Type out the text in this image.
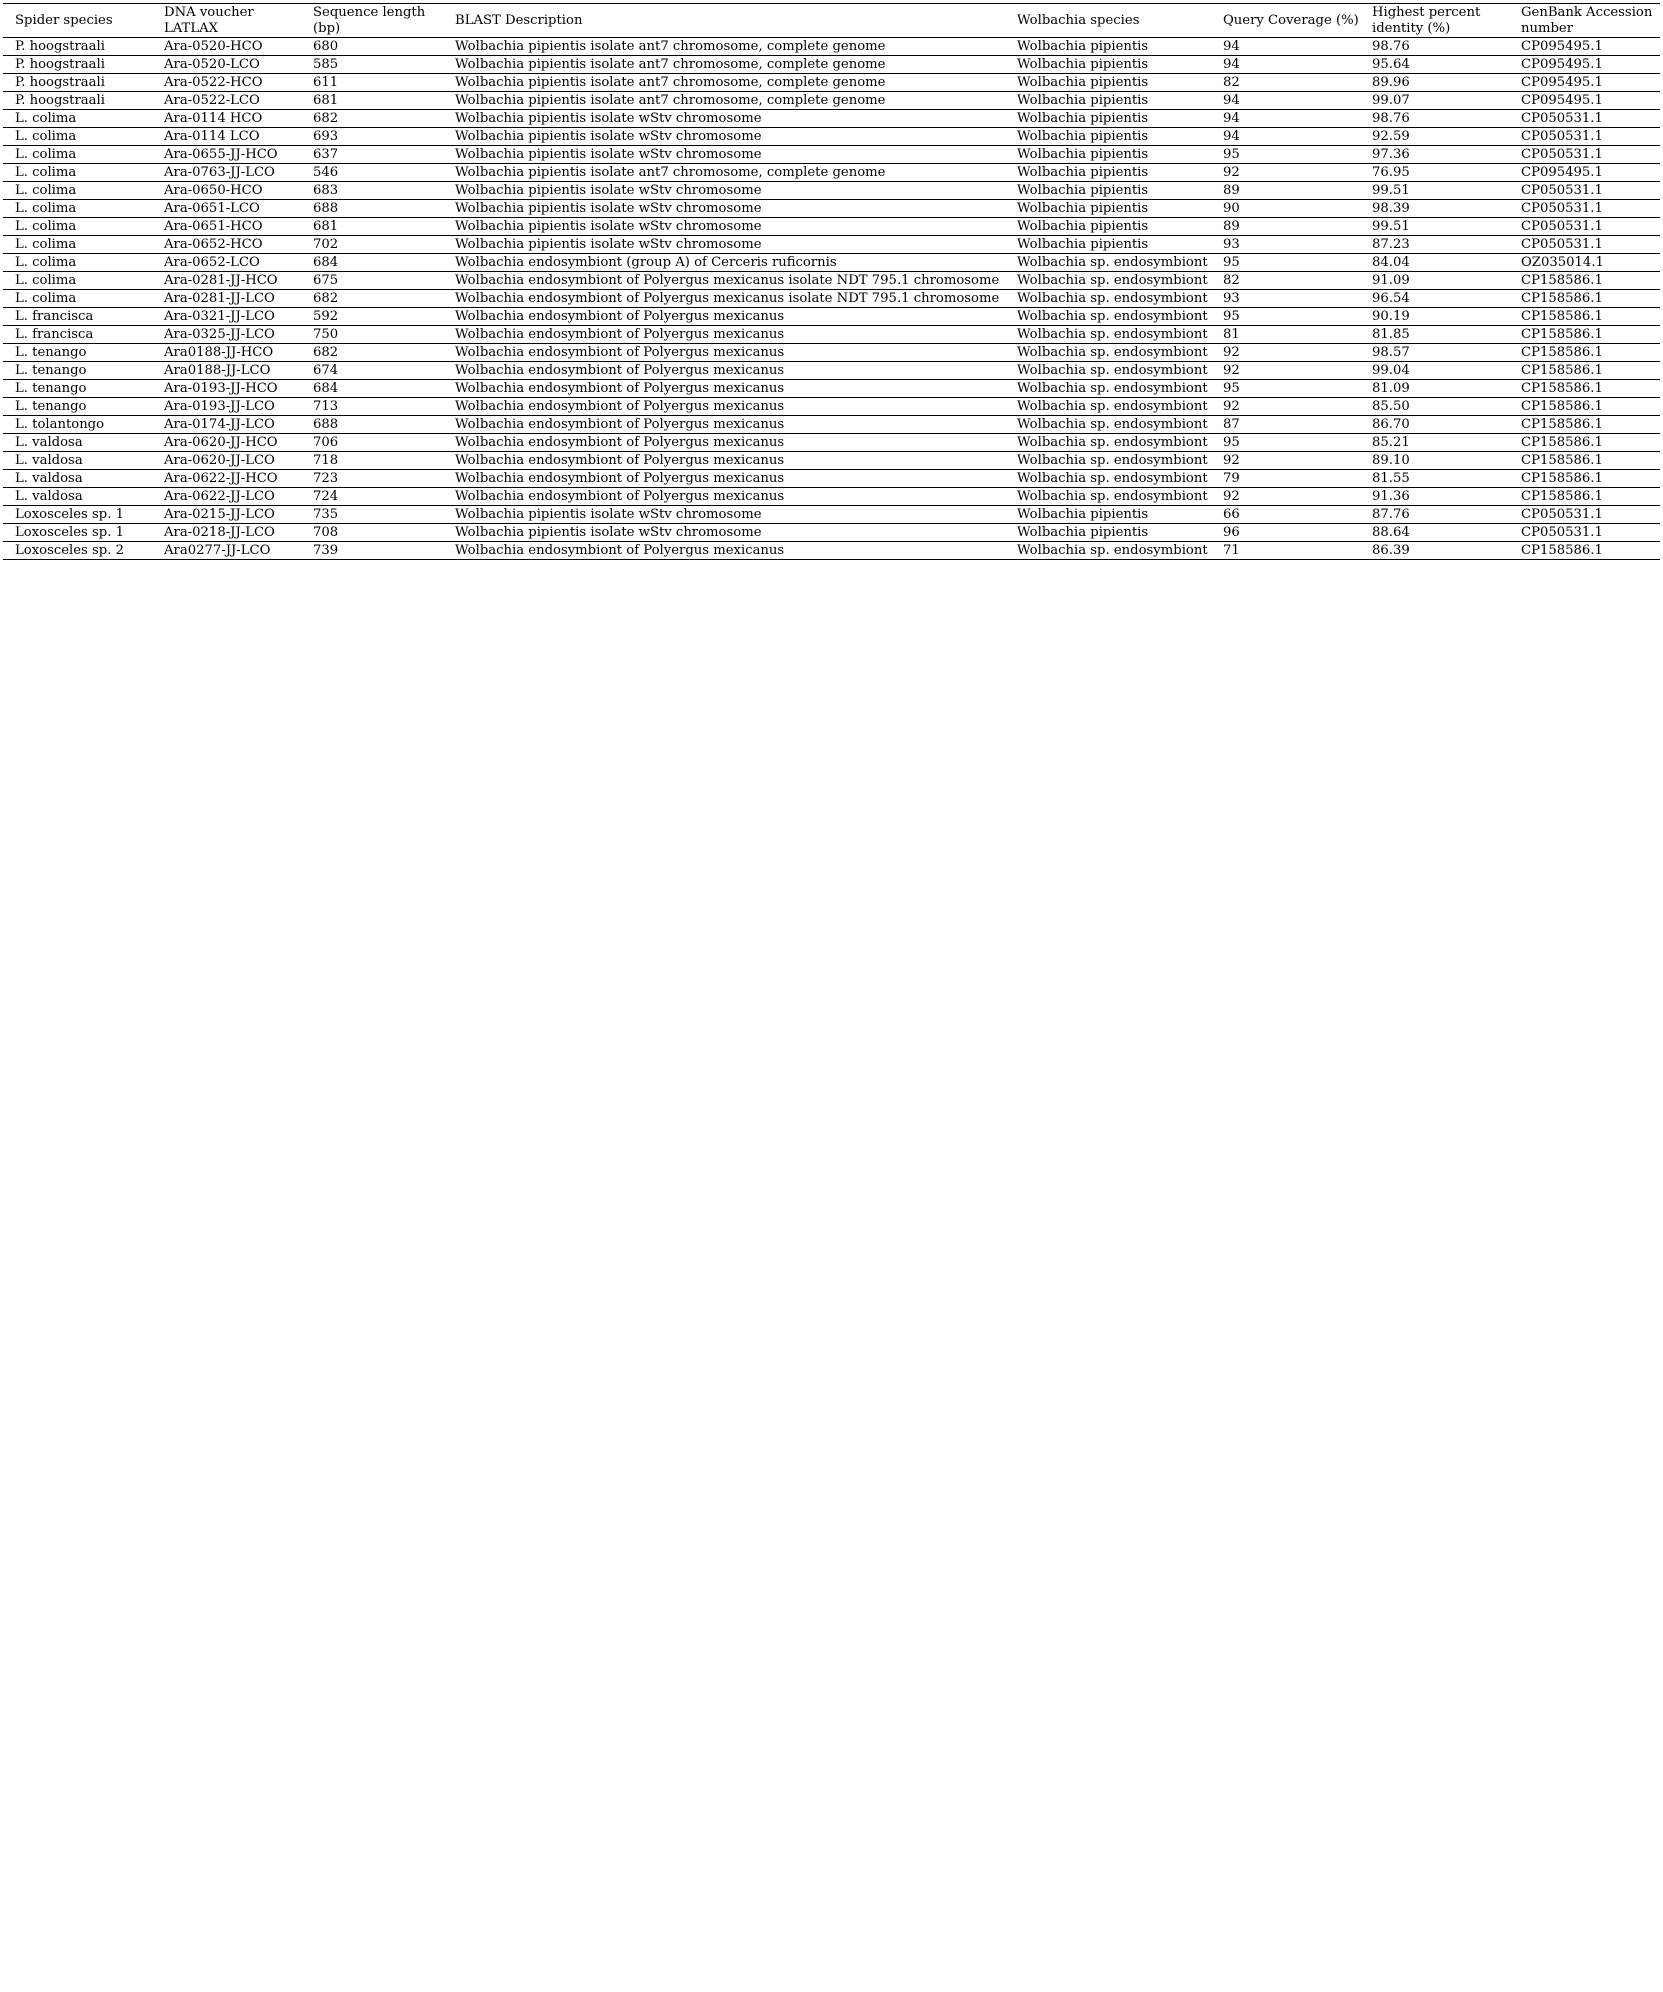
Spider species	DNA voucher LATLAX	Sequence length (bp)	BLAST Description	Wolbachia species	Query Coverage (%)	Highest percent identity (%)	GenBank Accession number
P. hoogstraali	Ara-0520-HCO	680	Wolbachia pipientis isolate ant7 chromosome, complete genome	Wolbachia pipientis	94	98.76	CP095495.1
P. hoogstraali	Ara-0520-LCO	585	Wolbachia pipientis isolate ant7 chromosome, complete genome	Wolbachia pipientis	94	95.64	CP095495.1
P. hoogstraali	Ara-0522-HCO	611	Wolbachia pipientis isolate ant7 chromosome, complete genome	Wolbachia pipientis	82	89.96	CP095495.1
P. hoogstraali	Ara-0522-LCO	681	Wolbachia pipientis isolate ant7 chromosome, complete genome	Wolbachia pipientis	94	99.07	CP095495.1
L. colima	Ara-0114 HCO	682	Wolbachia pipientis isolate wStv chromosome	Wolbachia pipientis	94	98.76	CP050531.1
L. colima	Ara-0114 LCO	693	Wolbachia pipientis isolate wStv chromosome	Wolbachia pipientis	94	92.59	CP050531.1
L. colima	Ara-0655-JJ-HCO	637	Wolbachia pipientis isolate wStv chromosome	Wolbachia pipientis	95	97.36	CP050531.1
L. colima	Ara-0763-JJ-LCO	546	Wolbachia pipientis isolate ant7 chromosome, complete genome	Wolbachia pipientis	92	76.95	CP095495.1
L. colima	Ara-0650-HCO	683	Wolbachia pipientis isolate wStv chromosome	Wolbachia pipientis	89	99.51	CP050531.1
L. colima	Ara-0651-LCO	688	Wolbachia pipientis isolate wStv chromosome	Wolbachia pipientis	90	98.39	CP050531.1
L. colima	Ara-0651-HCO	681	Wolbachia pipientis isolate wStv chromosome	Wolbachia pipientis	89	99.51	CP050531.1
L. colima	Ara-0652-HCO	702	Wolbachia pipientis isolate wStv chromosome	Wolbachia pipientis	93	87.23	CP050531.1
L. colima	Ara-0652-LCO	684	Wolbachia endosymbiont (group A) of Cerceris ruficornis	Wolbachia sp. endosymbiont	95	84.04	OZ035014.1
L. colima	Ara-0281-JJ-HCO	675	Wolbachia endosymbiont of Polyergus mexicanus isolate NDT 795.1 chromosome	Wolbachia sp. endosymbiont	82	91.09	CP158586.1
L. colima	Ara-0281-JJ-LCO	682	Wolbachia endosymbiont of Polyergus mexicanus isolate NDT 795.1 chromosome	Wolbachia sp. endosymbiont	93	96.54	CP158586.1
L. francisca	Ara-0321-JJ-LCO	592	Wolbachia endosymbiont of Polyergus mexicanus	Wolbachia sp. endosymbiont	95	90.19	CP158586.1
L. francisca	Ara-0325-JJ-LCO	750	Wolbachia endosymbiont of Polyergus mexicanus	Wolbachia sp. endosymbiont	81	81.85	CP158586.1
L. tenango	Ara0188-JJ-HCO	682	Wolbachia endosymbiont of Polyergus mexicanus	Wolbachia sp. endosymbiont	92	98.57	CP158586.1
L. tenango	Ara0188-JJ-LCO	674	Wolbachia endosymbiont of Polyergus mexicanus	Wolbachia sp. endosymbiont	92	99.04	CP158586.1
L. tenango	Ara-0193-JJ-HCO	684	Wolbachia endosymbiont of Polyergus mexicanus	Wolbachia sp. endosymbiont	95	81.09	CP158586.1
L. tenango	Ara-0193-JJ-LCO	713	Wolbachia endosymbiont of Polyergus mexicanus	Wolbachia sp. endosymbiont	92	85.50	CP158586.1
L. tolantongo	Ara-0174-JJ-LCO	688	Wolbachia endosymbiont of Polyergus mexicanus	Wolbachia sp. endosymbiont	87	86.70	CP158586.1
L. valdosa	Ara-0620-JJ-HCO	706	Wolbachia endosymbiont of Polyergus mexicanus	Wolbachia sp. endosymbiont	95	85.21	CP158586.1
L. valdosa	Ara-0620-JJ-LCO	718	Wolbachia endosymbiont of Polyergus mexicanus	Wolbachia sp. endosymbiont	92	89.10	CP158586.1
L. valdosa	Ara-0622-JJ-HCO	723	Wolbachia endosymbiont of Polyergus mexicanus	Wolbachia sp. endosymbiont	79	81.55	CP158586.1
L. valdosa	Ara-0622-JJ-LCO	724	Wolbachia endosymbiont of Polyergus mexicanus	Wolbachia sp. endosymbiont	92	91.36	CP158586.1
Loxosceles sp. 1	Ara-0215-JJ-LCO	735	Wolbachia pipientis isolate wStv chromosome	Wolbachia pipientis	66	87.76	CP050531.1
Loxosceles sp. 1	Ara-0218-JJ-LCO	708	Wolbachia pipientis isolate wStv chromosome	Wolbachia pipientis	96	88.64	CP050531.1
Loxosceles sp. 2	Ara0277-JJ-LCO	739	Wolbachia endosymbiont of Polyergus mexicanus	Wolbachia sp. endosymbiont	71	86.39	CP158586.1
